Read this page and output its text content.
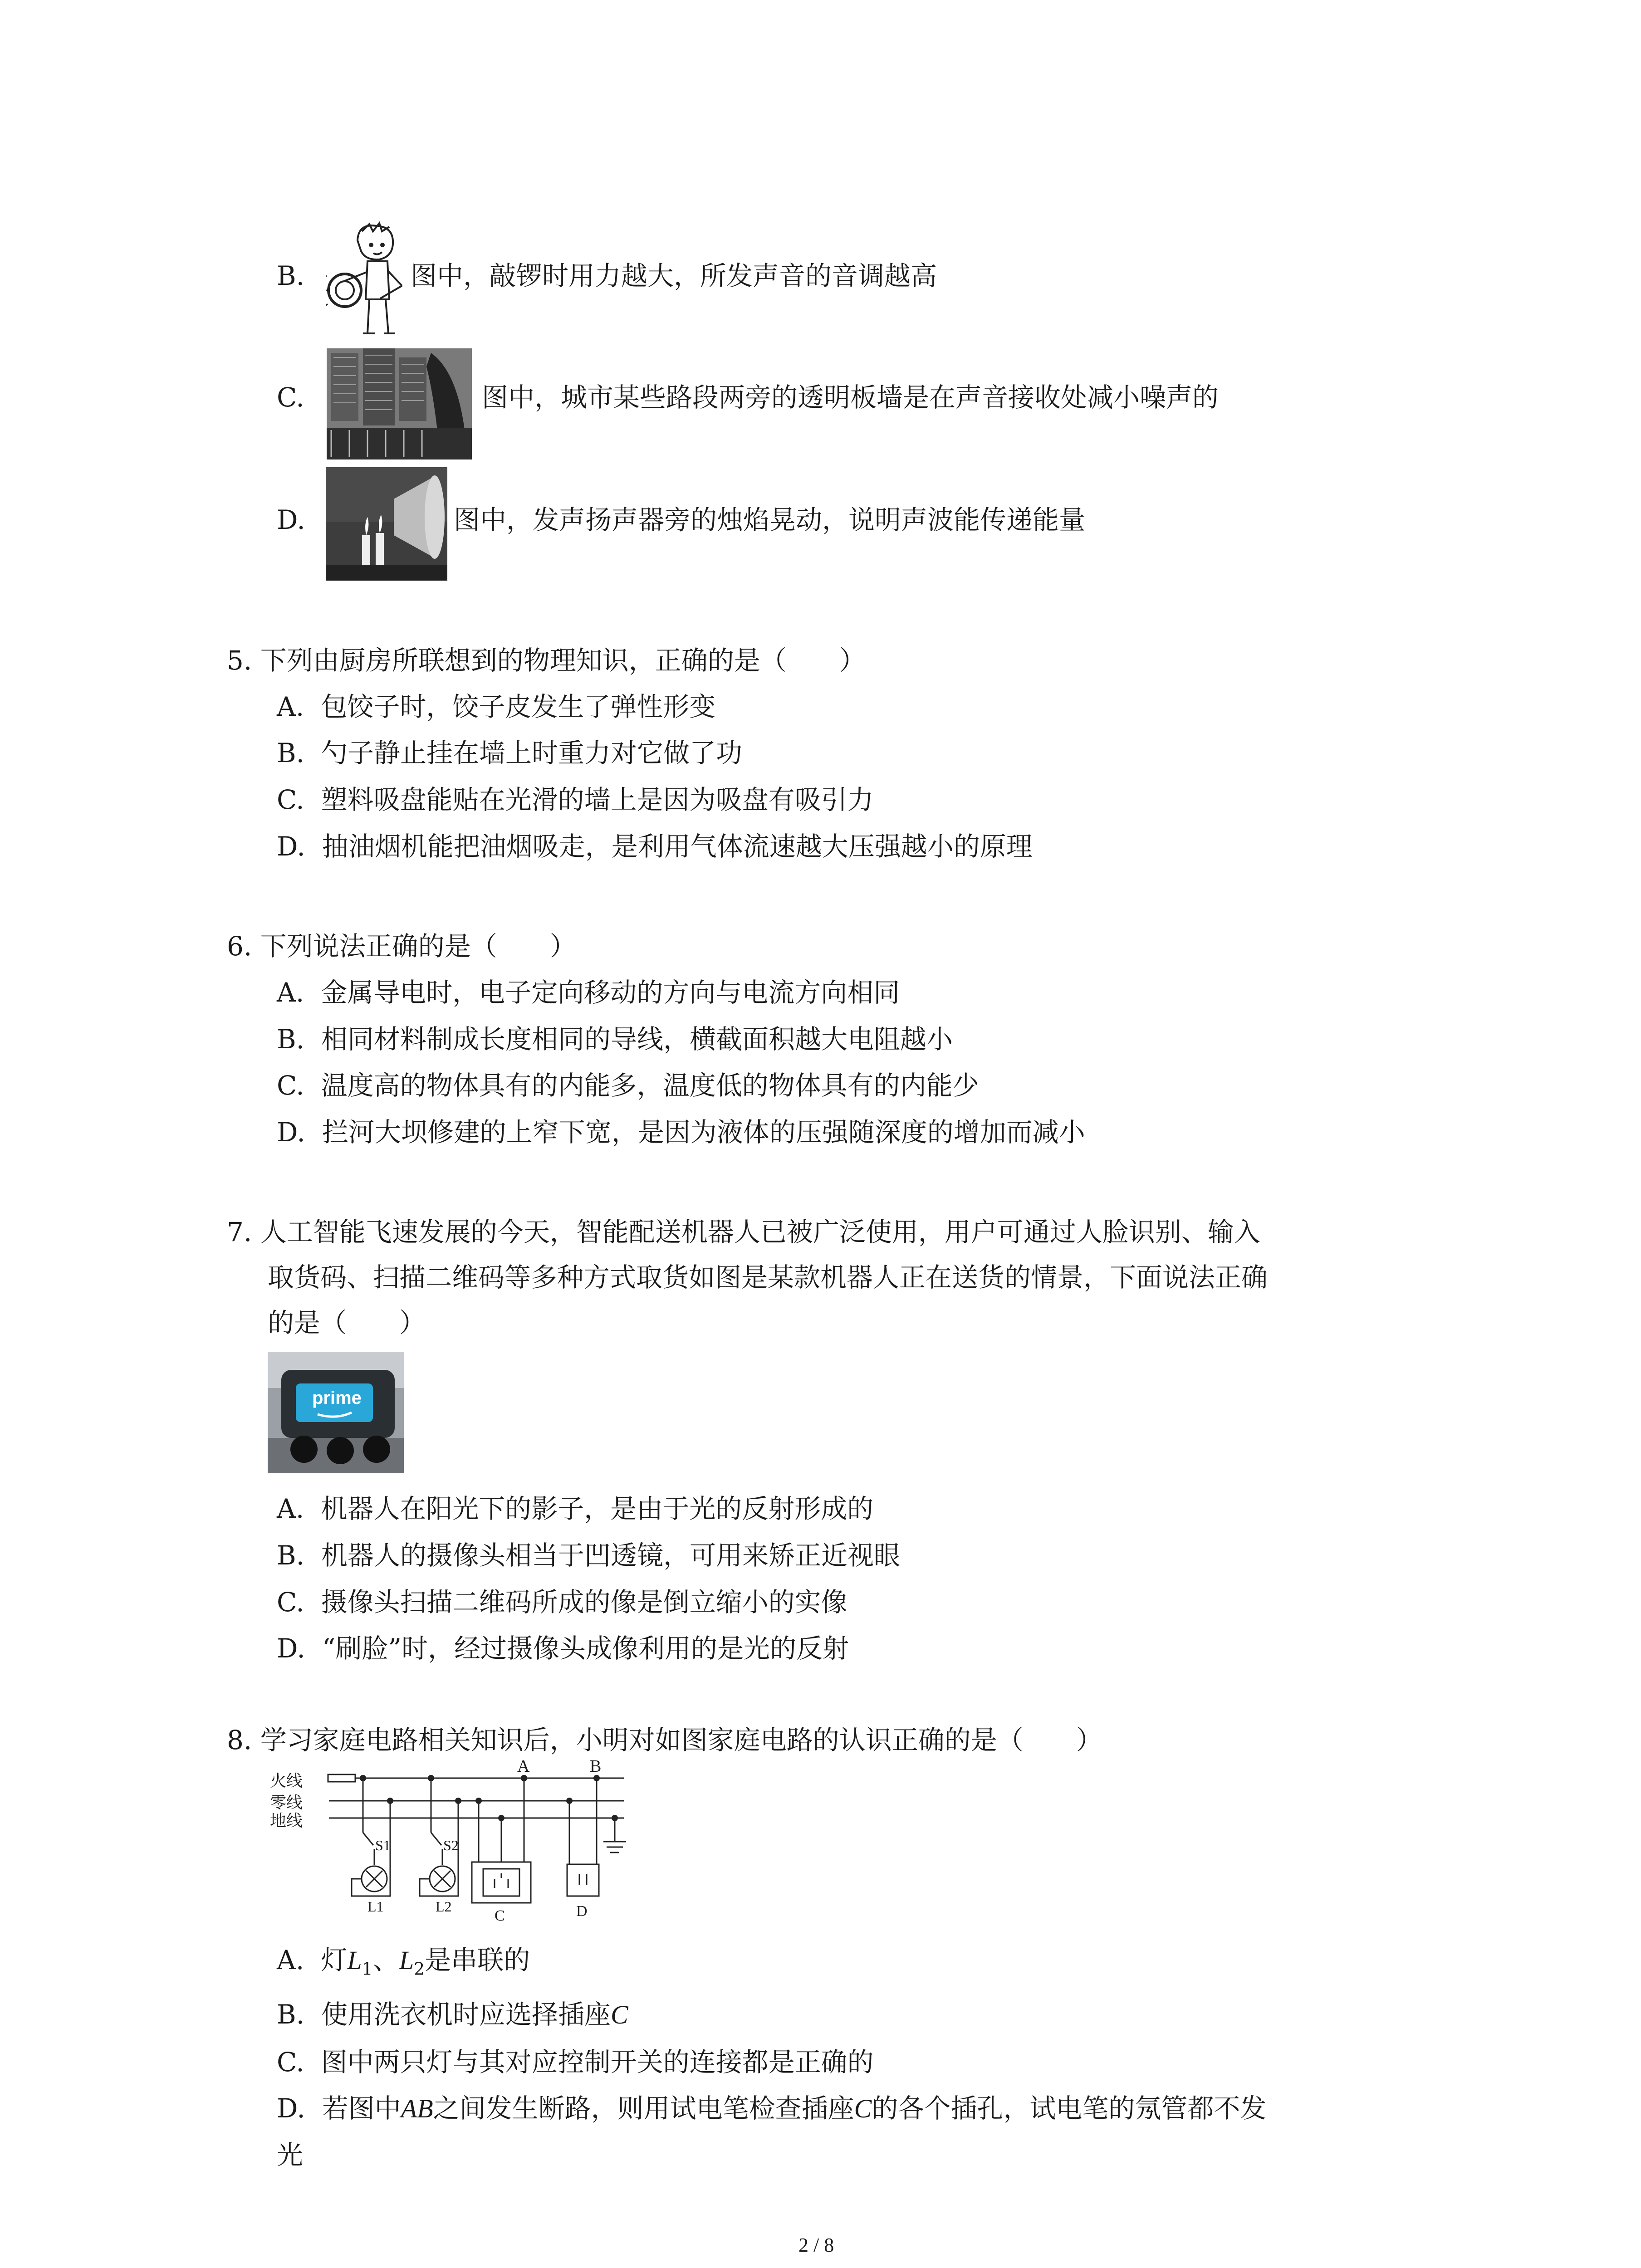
B.	图中，敲锣时用力越大，所发声音的音调越高
C.	图中，城市某些路段两旁的透明板墙是在声音接收处减小噪声的
D.	图中，发声扬声器旁的烛焰晃动，说明声波能传递能量
5. 下列由厨房所联想到的物理知识，正确的是（　　）
A. 包饺子时，饺子皮发生了弹性形变
B. 勺子静止挂在墙上时重力对它做了功
C. 塑料吸盘能贴在光滑的墙上是因为吸盘有吸引力
D. 抽油烟机能把油烟吸走，是利用气体流速越大压强越小的原理
6. 下列说法正确的是（　　）
A. 金属导电时，电子定向移动的方向与电流方向相同
B. 相同材料制成长度相同的导线，横截面积越大电阻越小
C. 温度高的物体具有的内能多，温度低的物体具有的内能少
D. 拦河大坝修建的上窄下宽，是因为液体的压强随深度的增加而减小
7. 人工智能飞速发展的今天，智能配送机器人已被广泛使用，用户可通过人脸识别、输入
取货码、扫描二维码等多种方式取货如图是某款机器人正在送货的情景，下面说法正确
的是（　　）
prime
A. 机器人在阳光下的影子，是由于光的反射形成的
B. 机器人的摄像头相当于凹透镜，可用来矫正近视眼
C. 摄像头扫描二维码所成的像是倒立缩小的实像
D. “刷脸”时，经过摄像头成像利用的是光的反射
8. 学习家庭电路相关知识后，小明对如图家庭电路的认识正确的是（　　）
火线
零线
地线
A	B
S1	S2
L1	L2
C	D
A. 灯$L_1$、$L_2$是串联的
B. 使用洗衣机时应选择插座C
C. 图中两只灯与其对应控制开关的连接都是正确的
D. 若图中AB之间发生断路，则用试电笔检查插座C的各个插孔，试电笔的氖管都不发
光
2 / 8
